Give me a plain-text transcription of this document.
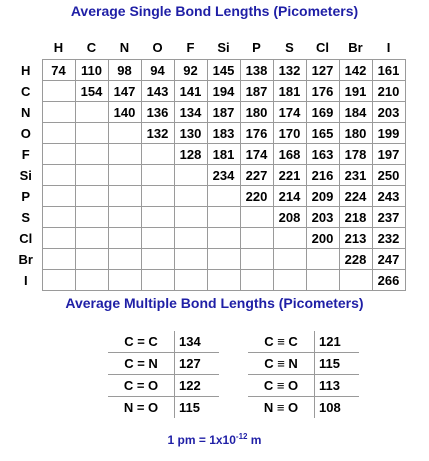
Average Single Bond Lengths (Picometers)
	H	C	N	O	F	Si	P	S	Cl	Br	I
H	74	110	98	94	92	145	138	132	127	142	161
C		154	147	143	141	194	187	181	176	191	210
N			140	136	134	187	180	174	169	184	203
O				132	130	183	176	170	165	180	199
F					128	181	174	168	163	178	197
Si						234	227	221	216	231	250
P							220	214	209	224	243
S								208	203	218	237
Cl									200	213	232
Br										228	247
I											266
Average Multiple Bond Lengths (Picometers)
C = C	134
C = N	127
C = O	122
N = O	115
C ≡ C	121
C ≡ N	115
C ≡ O	113
N ≡ O	108
1 pm = $1x10^{-12}$ m
